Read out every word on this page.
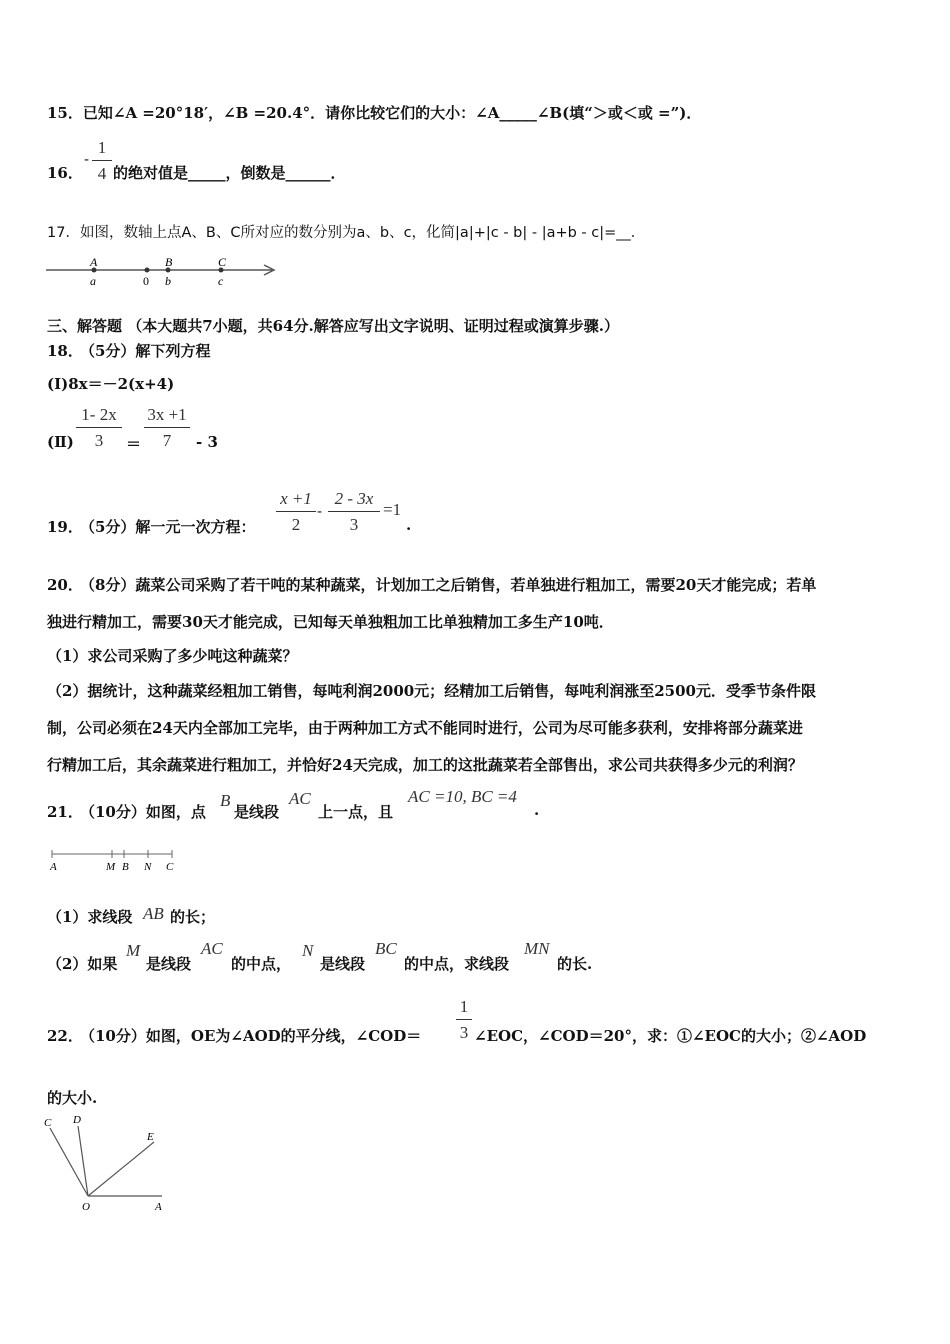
15．已知∠A =20°18′，∠B =20.4°．请你比较它们的大小：∠A_____∠B(填“＞或＜或 =”)．
16．
- $\frac{1}{4}$ 的绝对值是_____，倒数是______．
17． 如图，数轴上点A、B、C所对应的数分别为a、b、c，化简|a|+|c - b| - |a+b - c|=__．
A	B	C
a	0 b	c
三、解答题 （本大题共7小题，共64分.解答应写出文字说明、证明过程或演算步骤.）
18．
（5分）解下列方程
(Ⅰ)8x＝－2(x+4)
(Ⅱ) $\frac{1- 2x}{3} = \frac{3x +1}{7} - 3$
19．
（5分）解一元一次方程： $\frac{x +1}{2} - \frac{2 - 3x}{3} =1$
.
20．
（8分）蔬菜公司采购了若干吨的某种蔬菜，计划加工之后销售，若单独进行粗加工，需要20天才能完成；若单
独进行精加工，需要30天才能完成，已知每天单独粗加工比单独精加工多生产10吨．
（1）求公司采购了多少吨这种蔬菜？
（2）据统计，这种蔬菜经粗加工销售，每吨利润2000元；经精加工后销售，每吨利润涨至2500元．受季节条件限
制，公司必须在24天内全部加工完毕，由于两种加工方式不能同时进行，公司为尽可能多获利，安排将部分蔬菜进
行精加工后，其余蔬菜进行粗加工，并恰好24天完成，加工的这批蔬菜若全部售出，求公司共获得多少元的利润？
21．
（10分）如图，点
B
是线段
AC
上一点，且
AC =10, BC =4
.
A	M B N C
（1）求线段 AB 的长；
（2）如果
M
是线段
AC
的中点，
N
是线段
BC
的中点，求线段
MN
的长.
22．
（10分）如图，OE为∠AOD的平分线，∠COD＝ $\frac{1}{3}$ ∠EOC，∠COD＝20°，求：①∠EOC的大小；②∠AOD
的大小.
C D
E
O	A
